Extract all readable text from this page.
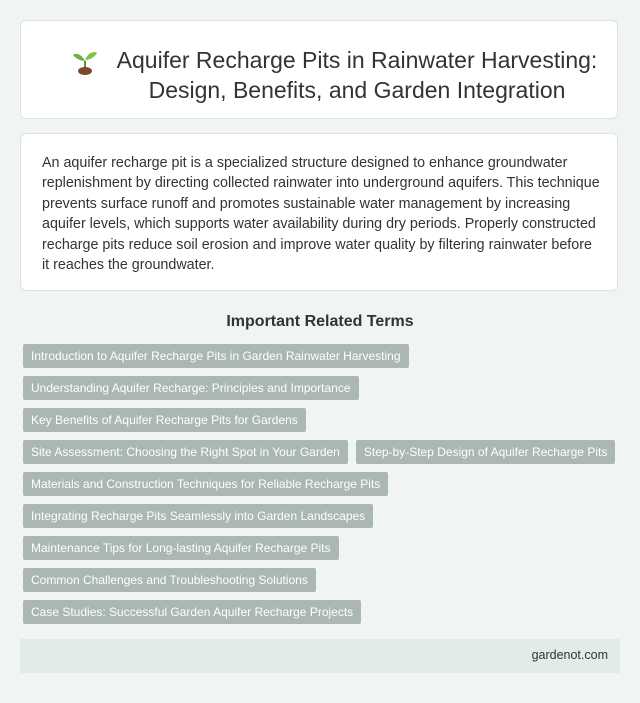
Aquifer Recharge Pits in Rainwater Harvesting: Design, Benefits, and Garden Integration

An aquifer recharge pit is a specialized structure designed to enhance groundwater replenishment by directing collected rainwater into underground aquifers. This technique prevents surface runoff and promotes sustainable water management by increasing aquifer levels, which supports water availability during dry periods. Properly constructed recharge pits reduce soil erosion and improve water quality by filtering rainwater before it reaches the groundwater.

Important Related Terms
Introduction to Aquifer Recharge Pits in Garden Rainwater Harvesting
Understanding Aquifer Recharge: Principles and Importance
Key Benefits of Aquifer Recharge Pits for Gardens
Site Assessment: Choosing the Right Spot in Your Garden	Step-by-Step Design of Aquifer Recharge Pits
Materials and Construction Techniques for Reliable Recharge Pits
Integrating Recharge Pits Seamlessly into Garden Landscapes
Maintenance Tips for Long-lasting Aquifer Recharge Pits
Common Challenges and Troubleshooting Solutions
Case Studies: Successful Garden Aquifer Recharge Projects
gardenot.com
